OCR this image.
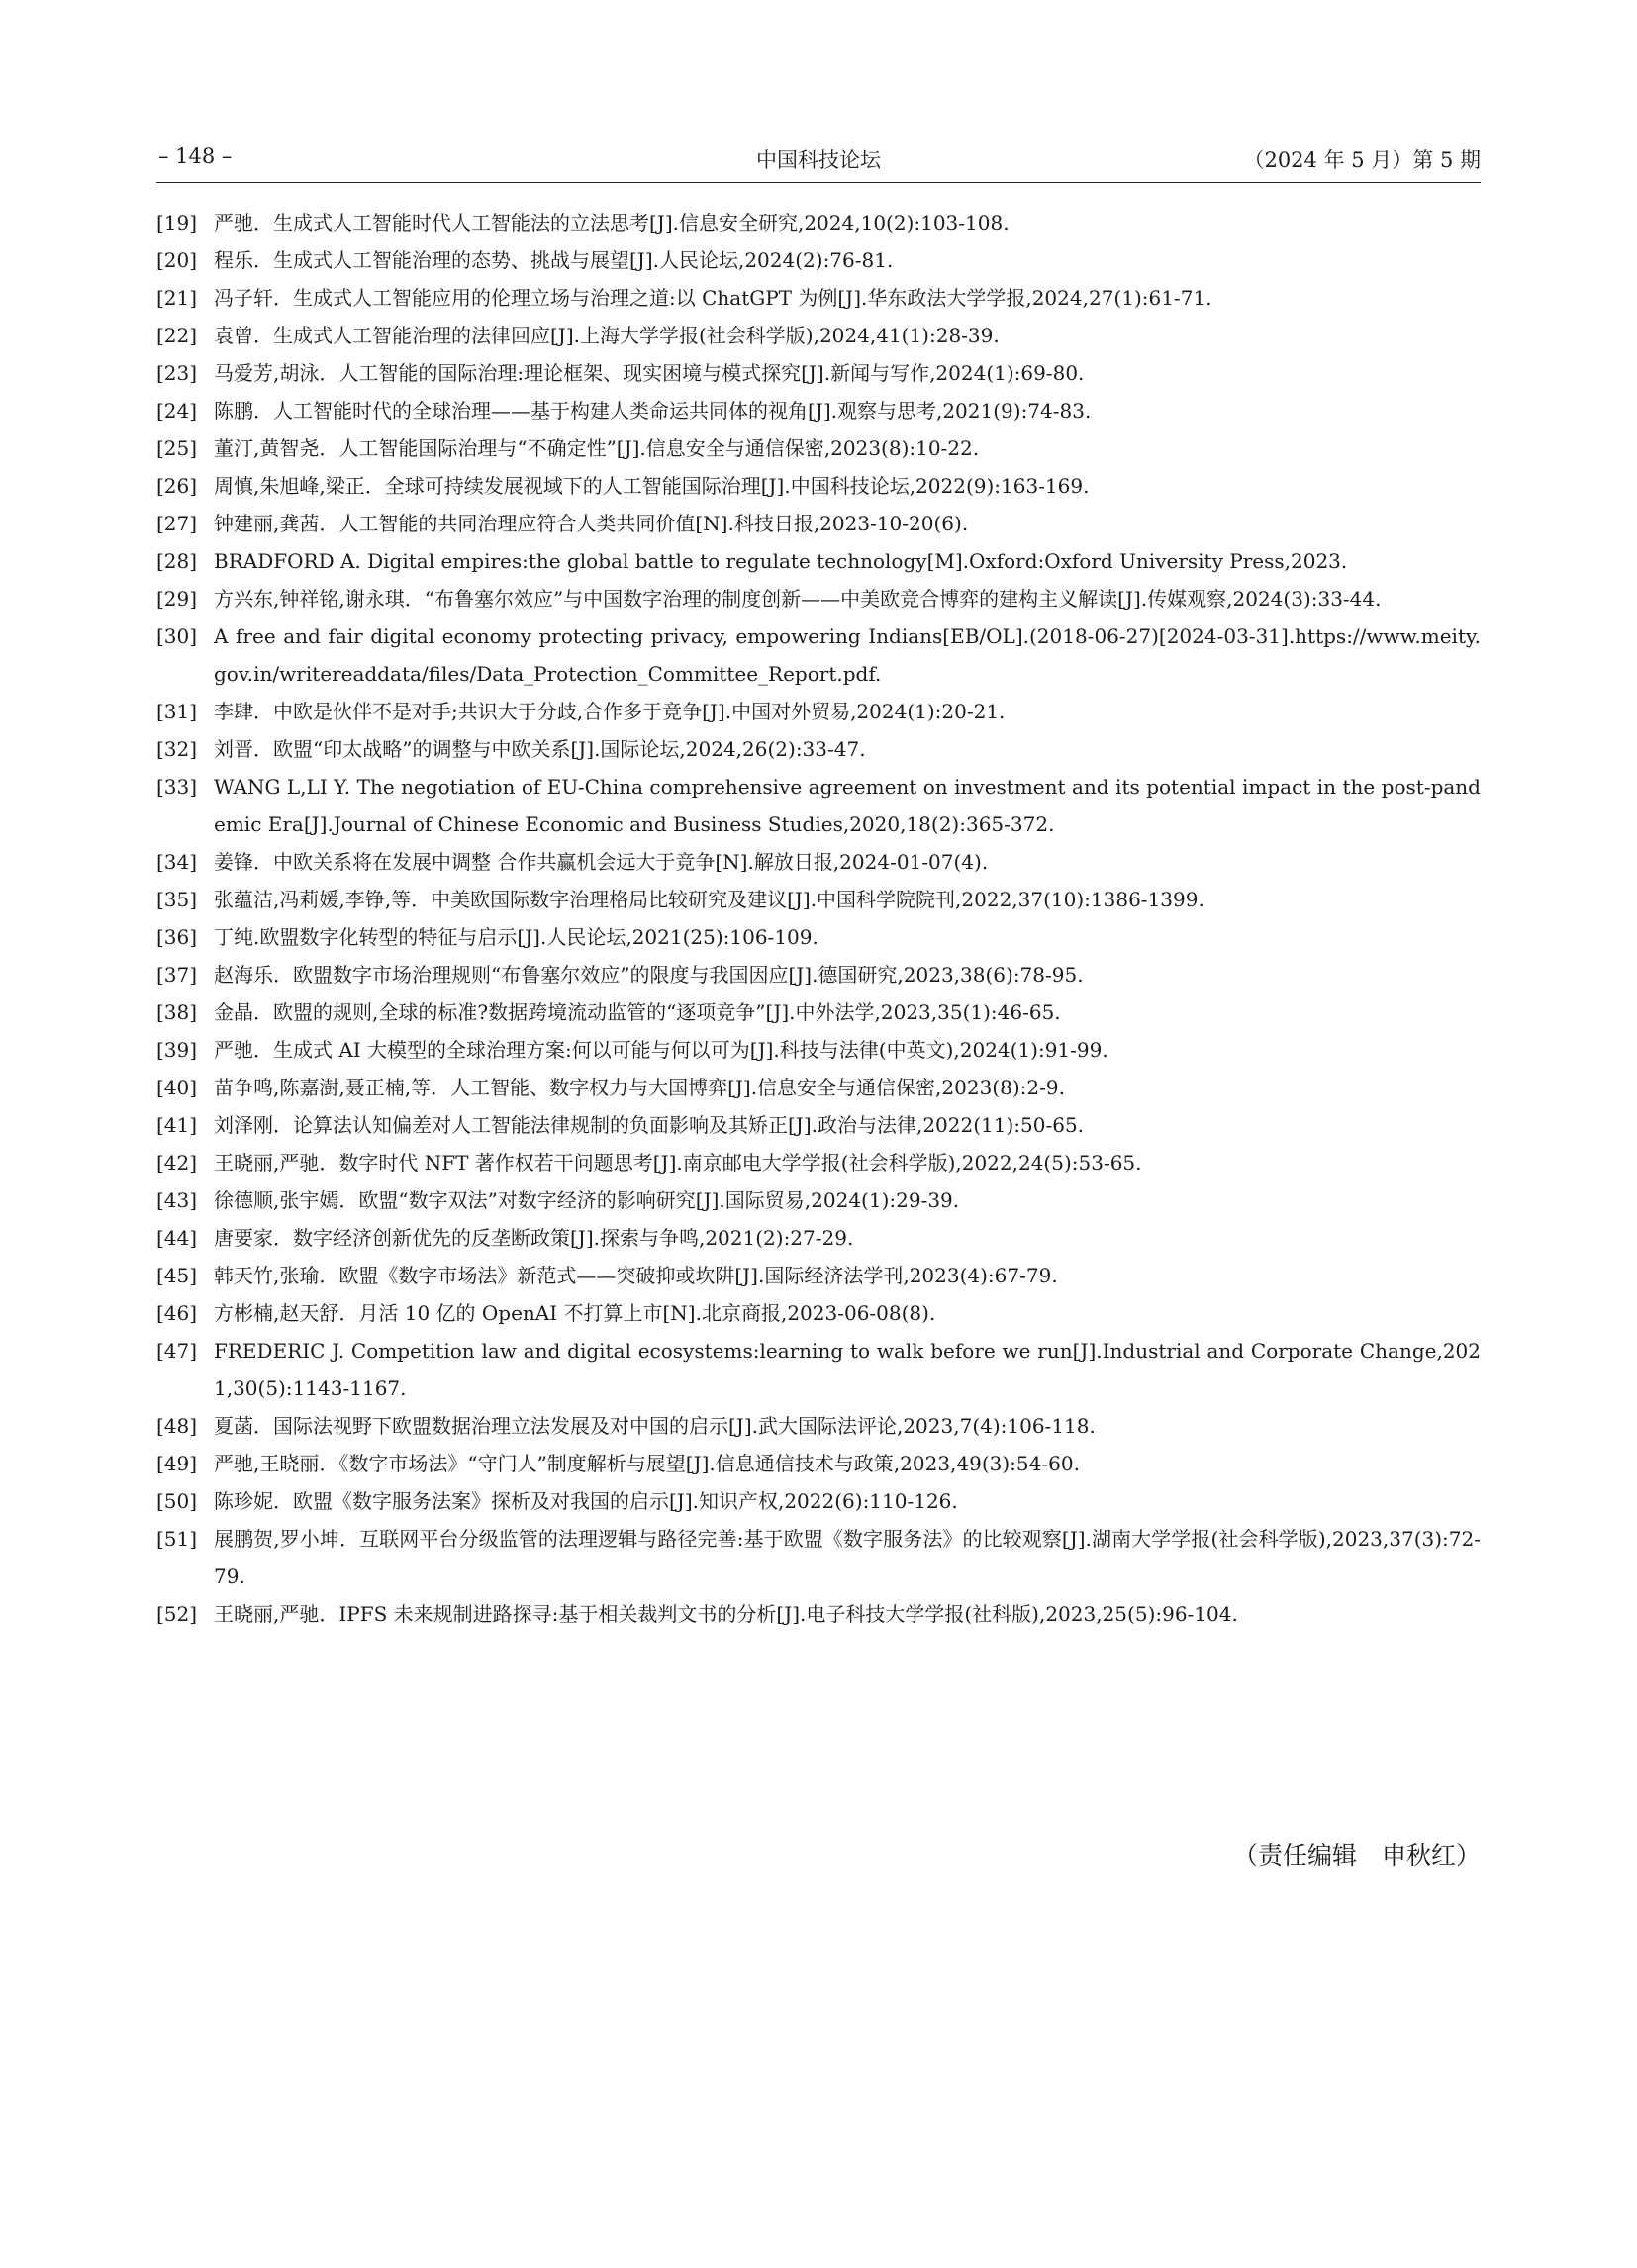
– 148 –	中国科技论坛	（2024 年 5 月）第 5 期
[19] 严驰．生成式人工智能时代人工智能法的立法思考[J].信息安全研究,2024,10(2):103-108.
[20] 程乐．生成式人工智能治理的态势、挑战与展望[J].人民论坛,2024(2):76-81.
[21] 冯子轩．生成式人工智能应用的伦理立场与治理之道:以 ChatGPT 为例[J].华东政法大学学报,2024,27(1):61-71.
[22] 袁曾．生成式人工智能治理的法律回应[J].上海大学学报(社会科学版),2024,41(1):28-39.
[23] 马爱芳,胡泳．人工智能的国际治理:理论框架、现实困境与模式探究[J].新闻与写作,2024(1):69-80.
[24] 陈鹏．人工智能时代的全球治理——基于构建人类命运共同体的视角[J].观察与思考,2021(9):74-83.
[25] 董汀,黄智尧．人工智能国际治理与“不确定性”[J].信息安全与通信保密,2023(8):10-22.
[26] 周慎,朱旭峰,梁正．全球可持续发展视域下的人工智能国际治理[J].中国科技论坛,2022(9):163-169.
[27] 钟建丽,龚茜．人工智能的共同治理应符合人类共同价值[N].科技日报,2023-10-20(6).
[28] BRADFORD A. Digital empires:the global battle to regulate technology[M].Oxford:Oxford University Press,2023.
[29] 方兴东,钟祥铭,谢永琪．“布鲁塞尔效应”与中国数字治理的制度创新——中美欧竞合博弈的建构主义解读[J].传媒观察,2024(3):33-44.
[30] A free and fair digital economy protecting privacy, empowering Indians[EB/OL].(2018-06-27)[2024-03-31].https://www.meity.gov.in/writereaddata/files/Data_Protection_Committee_Report.pdf.
[31] 李肆．中欧是伙伴不是对手;共识大于分歧,合作多于竞争[J].中国对外贸易,2024(1):20-21.
[32] 刘晋．欧盟“印太战略”的调整与中欧关系[J].国际论坛,2024,26(2):33-47.
[33] WANG L,LI Y. The negotiation of EU-China comprehensive agreement on investment and its potential impact in the post-pandemic Era[J].Journal of Chinese Economic and Business Studies,2020,18(2):365-372.
[34] 姜锋．中欧关系将在发展中调整 合作共赢机会远大于竞争[N].解放日报,2024-01-07(4).
[35] 张蕴洁,冯莉媛,李铮,等．中美欧国际数字治理格局比较研究及建议[J].中国科学院院刊,2022,37(10):1386-1399.
[36] 丁纯.欧盟数字化转型的特征与启示[J].人民论坛,2021(25):106-109.
[37] 赵海乐．欧盟数字市场治理规则“布鲁塞尔效应”的限度与我国因应[J].德国研究,2023,38(6):78-95.
[38] 金晶．欧盟的规则,全球的标准?数据跨境流动监管的“逐项竞争”[J].中外法学,2023,35(1):46-65.
[39] 严驰．生成式 AI 大模型的全球治理方案:何以可能与何以可为[J].科技与法律(中英文),2024(1):91-99.
[40] 苗争鸣,陈嘉澍,聂正楠,等．人工智能、数字权力与大国博弈[J].信息安全与通信保密,2023(8):2-9.
[41] 刘泽刚．论算法认知偏差对人工智能法律规制的负面影响及其矫正[J].政治与法律,2022(11):50-65.
[42] 王晓丽,严驰．数字时代 NFT 著作权若干问题思考[J].南京邮电大学学报(社会科学版),2022,24(5):53-65.
[43] 徐德顺,张宇嫣．欧盟“数字双法”对数字经济的影响研究[J].国际贸易,2024(1):29-39.
[44] 唐要家．数字经济创新优先的反垄断政策[J].探索与争鸣,2021(2):27-29.
[45] 韩天竹,张瑜．欧盟《数字市场法》新范式——突破抑或坎阱[J].国际经济法学刊,2023(4):67-79.
[46] 方彬楠,赵天舒．月活 10 亿的 OpenAI 不打算上市[N].北京商报,2023-06-08(8).
[47] FREDERIC J. Competition law and digital ecosystems:learning to walk before we run[J].Industrial and Corporate Change,2021,30(5):1143-1167.
[48] 夏菡．国际法视野下欧盟数据治理立法发展及对中国的启示[J].武大国际法评论,2023,7(4):106-118.
[49] 严驰,王晓丽．《数字市场法》“守门人”制度解析与展望[J].信息通信技术与政策,2023,49(3):54-60.
[50] 陈珍妮．欧盟《数字服务法案》探析及对我国的启示[J].知识产权,2022(6):110-126.
[51] 展鹏贺,罗小坤．互联网平台分级监管的法理逻辑与路径完善:基于欧盟《数字服务法》的比较观察[J].湖南大学学报(社会科学版),2023,37(3):72-79.
[52] 王晓丽,严驰．IPFS 未来规制进路探寻:基于相关裁判文书的分析[J].电子科技大学学报(社科版),2023,25(5):96-104.
（责任编辑　申秋红）
